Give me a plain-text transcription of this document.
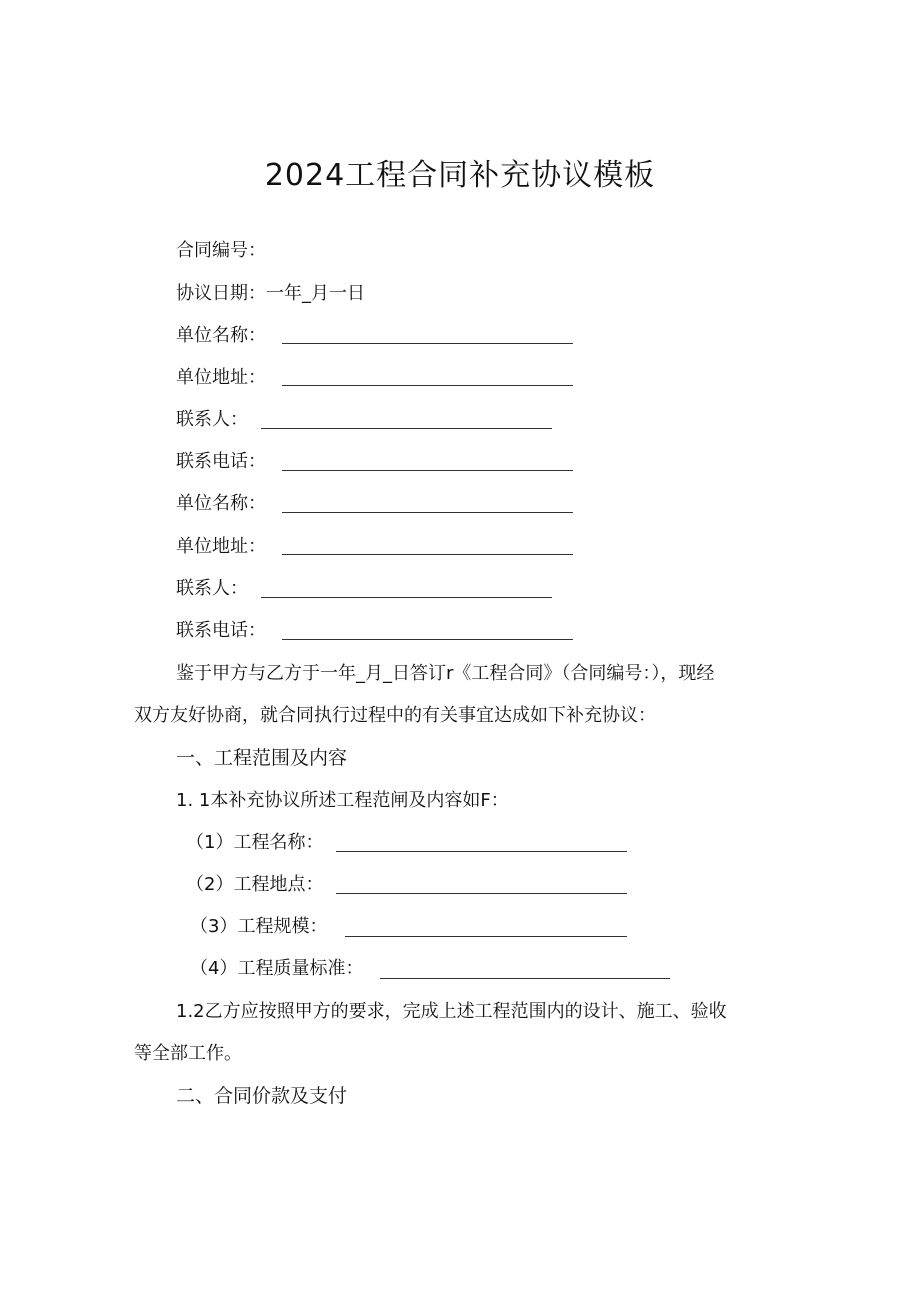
2024工程合同补充协议模板
合同编号：
协议日期：一年_月一日
单位名称：
单位地址：
联系人：
联系电话：
单位名称：
单位地址：
联系人：
联系电话：
鉴于甲方与乙方于一年_月_日答订r《工程合同》（合同编号：），现经
双方友好协商，就合同执行过程中的有关事宜达成如下补充协议：
一、工程范围及内容
1. 1本补充协议所述工程范闸及内容如F：
（1）工程名称：
（2）工程地点：
（3）工程规模：
（4）工程质量标准：
1.2乙方应按照甲方的要求，完成上述工程范围内的设计、施工、验收
等全部工作。
二、合同价款及支付
